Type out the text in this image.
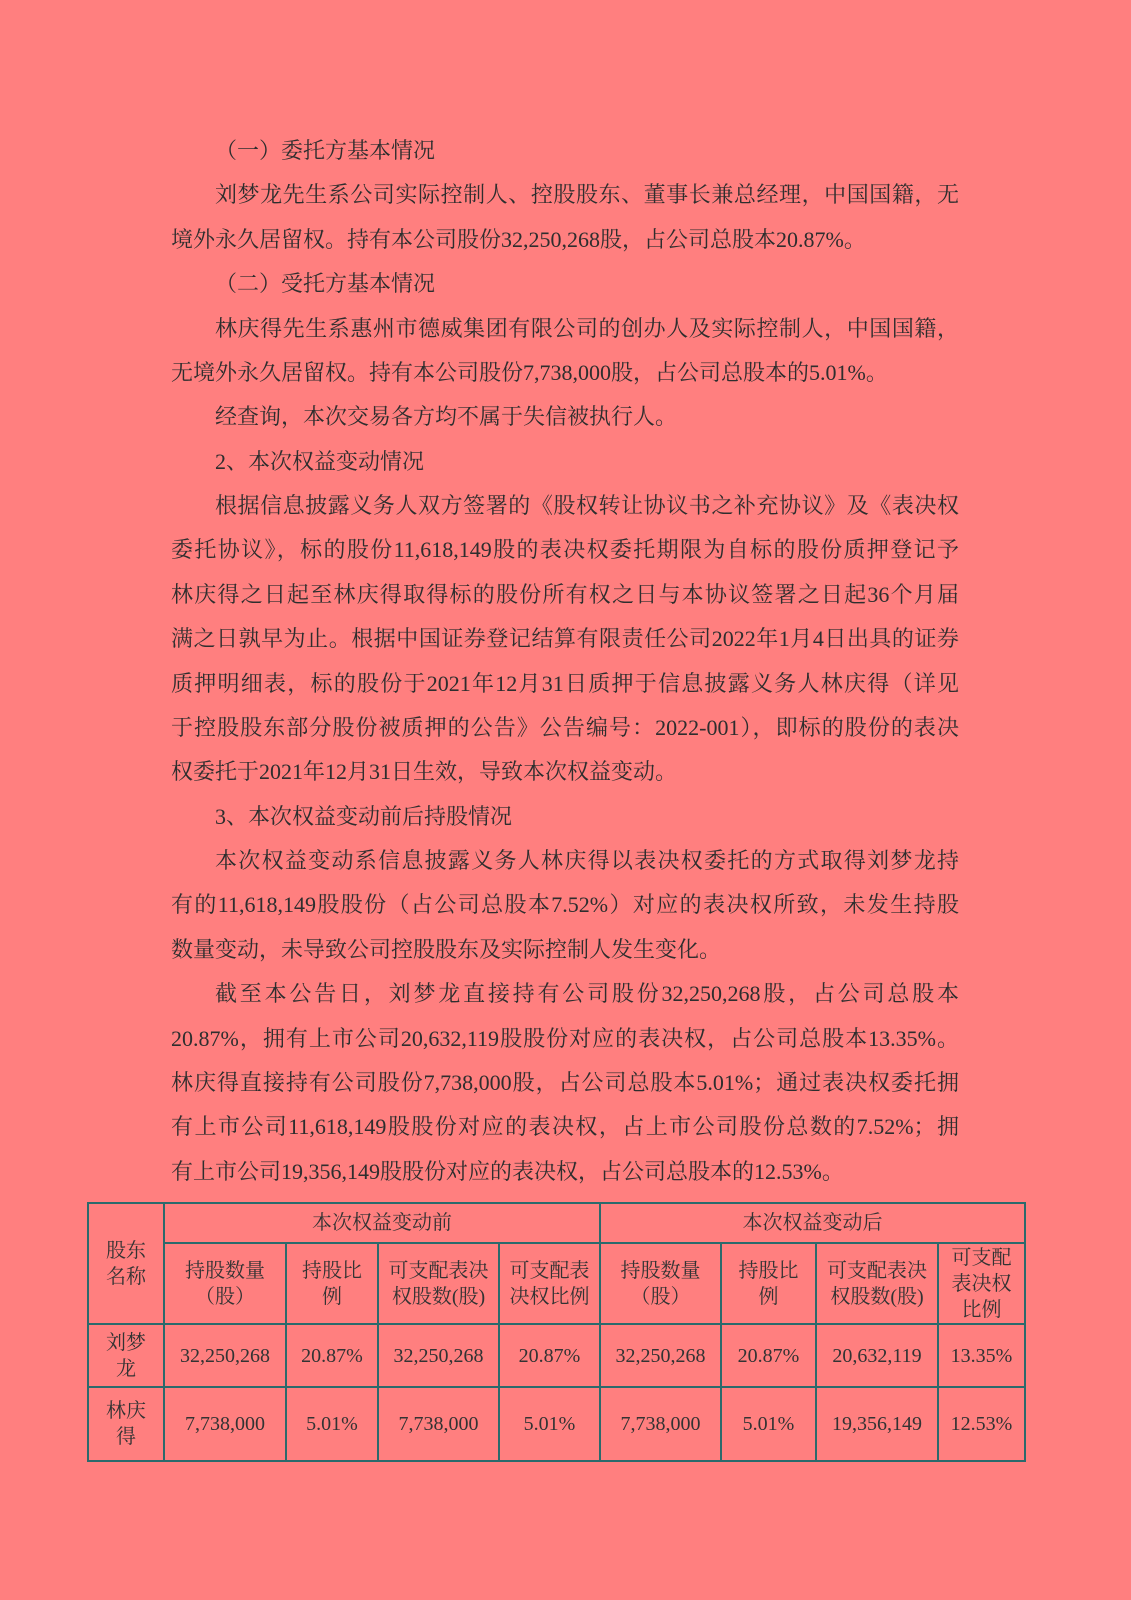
（一）委托方基本情况
刘梦龙先生系公司实际控制人、控股股东、董事长兼总经理，中国国籍，无
境外永久居留权。持有本公司股份32,250,268股，占公司总股本20.87%。
（二）受托方基本情况
林庆得先生系惠州市德威集团有限公司的创办人及实际控制人，中国国籍，
无境外永久居留权。持有本公司股份7,738,000股，占公司总股本的5.01%。
经查询，本次交易各方均不属于失信被执行人。
2、本次权益变动情况
根据信息披露义务人双方签署的《股权转让协议书之补充协议》及《表决权
委托协议》，标的股份11,618,149股的表决权委托期限为自标的股份质押登记予
林庆得之日起至林庆得取得标的股份所有权之日与本协议签署之日起36个月届
满之日孰早为止。根据中国证券登记结算有限责任公司2022年1月4日出具的证券
质押明细表，标的股份于2021年12月31日质押于信息披露义务人林庆得（详见
于控股股东部分股份被质押的公告》公告编号：2022-001），即标的股份的表决
权委托于2021年12月31日生效，导致本次权益变动。
3、本次权益变动前后持股情况
本次权益变动系信息披露义务人林庆得以表决权委托的方式取得刘梦龙持
有的11,618,149股股份（占公司总股本7.52%）对应的表决权所致，未发生持股
数量变动，未导致公司控股股东及实际控制人发生变化。
截至本公告日，刘梦龙直接持有公司股份32,250,268股，占公司总股本
20.87%，拥有上市公司20,632,119股股份对应的表决权，占公司总股本13.35%。
林庆得直接持有公司股份7,738,000股，占公司总股本5.01%；通过表决权委托拥
有上市公司11,618,149股股份对应的表决权，占上市公司股份总数的7.52%；拥
有上市公司19,356,149股股份对应的表决权，占公司总股本的12.53%。
股东名称	本次权益变动前				本次权益变动后			
	持股数量（股）	持股比例	可支配表决权股数(股)	可支配表决权比例	持股数量（股）	持股比例	可支配表决权股数(股)	可支配表决权比例
刘梦龙	32,250,268	20.87%	32,250,268	20.87%	32,250,268	20.87%	20,632,119	13.35%
林庆得	7,738,000	5.01%	7,738,000	5.01%	7,738,000	5.01%	19,356,149	12.53%
